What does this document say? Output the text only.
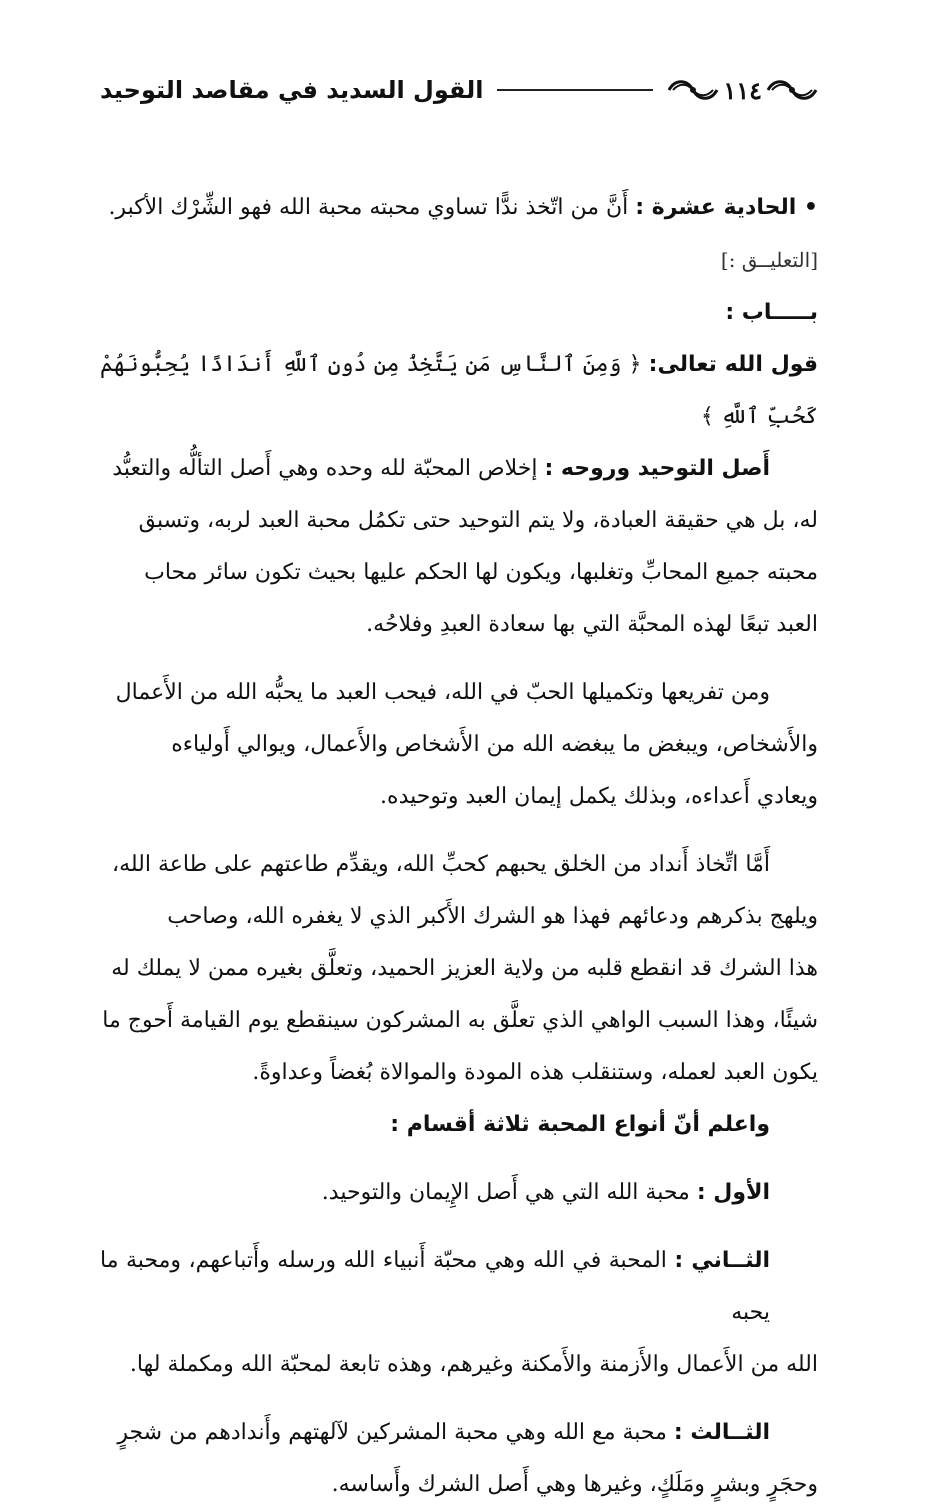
١١٤
القول السديد في مقاصد التوحيد

• الحادية عشرة : أَنَّ من اتّخذ ندًّا تساوي محبته محبة الله فهو الشِّرْك الأكبر.

[التعليــق :]

بـــــاب :

قول الله تعالى: ﴿ وَمِنَ ٱلنَّاسِ مَن يَتَّخِذُ مِن دُونِ ٱللَّهِ أَندَادًا يُحِبُّونَهُمْ كَحُبِّ ٱللَّهِ ﴾

أَصل التوحيد وروحه : إخلاص المحبّة لله وحده وهي أَصل التألُّه والتعبُّد

له، بل هي حقيقة العبادة، ولا يتم التوحيد حتى تكمُل محبة العبد لربه، وتسبق

محبته جميع المحابِّ وتغلبها، ويكون لها الحكم عليها بحيث تكون سائر محاب

العبد تبعًا لهذه المحبَّة التي بها سعادة العبدِ وفلاحُه.

ومن تفريعها وتكميلها الحبّ في الله، فيحب العبد ما يحبُّه الله من الأَعمال

والأَشخاص، ويبغض ما يبغضه الله من الأَشخاص والأَعمال، ويوالي أَولياءه

ويعادي أَعداءه، وبذلك يكمل إيمان العبد وتوحيده.

أَمَّا اتِّخاذ أَنداد من الخلق يحبهم كحبِّ الله، ويقدِّم طاعتهم على طاعة الله،

ويلهج بذكرهم ودعائهم فهذا هو الشرك الأَكبر الذي لا يغفره الله، وصاحب

هذا الشرك قد انقطع قلبه من ولاية العزيز الحميد، وتعلَّق بغيره ممن لا يملك له

شيئًا، وهذا السبب الواهي الذي تعلَّق به المشركون سينقطع يوم القيامة أَحوج ما

يكون العبد لعمله، وستنقلب هذه المودة والموالاة بُغضاً وعداوةً.

واعلم أنّ أنواع المحبة ثلاثة أقسام :

الأول : محبة الله التي هي أَصل الإِيمان والتوحيد.

الثــاني : المحبة في الله وهي محبّة أَنبياء الله ورسله وأَتباعهم، ومحبة ما يحبه

الله من الأَعمال والأَزمنة والأَمكنة وغيرهم، وهذه تابعة لمحبّة الله ومكملة لها.

الثــالث : محبة مع الله وهي محبة المشركين لآلهتهم وأَندادهم من شجرٍ

وحجَرٍ وبشرٍ ومَلَكٍ، وغيرها وهي أَصل الشرك وأَساسه.
